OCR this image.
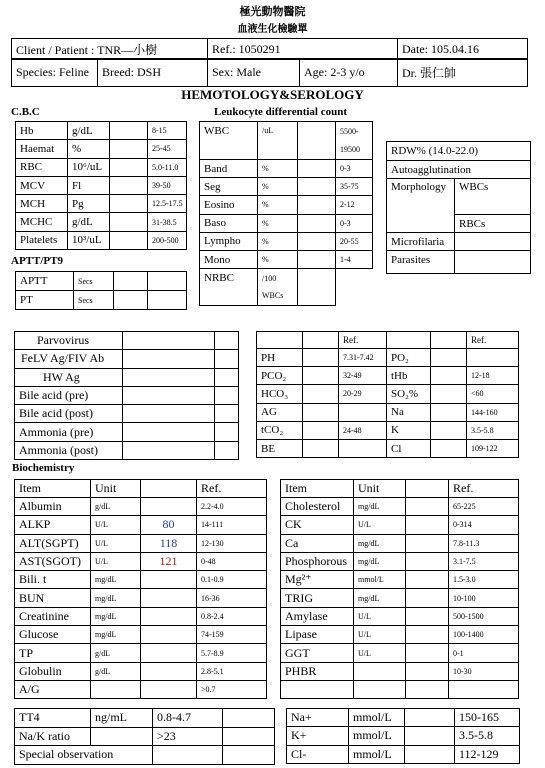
極光動物醫院
血液生化檢驗單
Client / Patient : TNR—小樹	Ref.: 1050291	Date: 105.04.16
Species: Feline	Breed: DSH	Sex: Male	Age: 2-3 y/o	Dr. 張仁帥
HEMOTOLOGY&SEROLOGY
C.B.C	Leukocyte differential count
Hb	g/dL		8-15
Haemat	%		25-45
RBC	10⁶/uL		5.0-11.0
MCV	Fl		39-50
MCH	Pg		12.5-17.5
MCHC	g/dL		31-38.5
Platelets	10³/uL		200-500
APTT/PT9
APTT	Secs		
PT	Secs		
WBC	/uL		5500-
19500
Band	%		0-3
Seg	%		35-75
Eosino	%		2-12
Baso	%		0-3
Lympho	%		20-55
Mono	%		1-4
NRBC	/100
WBCs

RDW% (14.0-22.0)	
Autoagglutination	
Morphology	WBCs
	RBCs
Microfilaria	
Parasites	
Parvovirus		
FeLV Ag/FIV Ab		
HW Ag		
Bile acid (pre)		
Bile acid (post)		
Ammonia (pre)		
Ammonia (post)		
		Ref.			Ref.
PH		7.31-7.42	PO₂		
PCO₂		32-49	tHb		12-18
HCO₃		20-29	SO₂%		<60
AG			Na		144-160
tCO₂		24-48	K		3.5-5.8
BE			Cl		109-122
Biochemistry
Item	Unit		Ref.
Albumin	g/dL		2.2-4.0
ALKP	U/L	80	14-111
ALT(SGPT)	U/L	118	12-130
AST(SGOT)	U/L	121	0-48
Bili. t	mg/dL		0.1-0.9
BUN	mg/dL		16-36
Creatinine	mg/dL		0.8-2.4
Glucose	mg/dL		74-159
TP	g/dL		5.7-8.9
Globulin	g/dL		2.8-5.1
A/G			>0.7
Item	Unit		Ref.
Cholesterol	mg/dL		65-225
CK	U/L		0-314
Ca	mg/dL		7.8-11.3
Phosphorous	mg/dL		3.1-7.5
Mg²⁺	mmol/L		1.5-3.0
TRIG	mg/dL		10-100
Amylase	U/L		500-1500
Lipase	U/L		100-1400
GGT	U/L		0-1
PHBR			10-30

TT4	ng/mL	0.8-4.7	
Na/K ratio		>23	
Special observation			
Na+	mmol/L		150-165
K+	mmol/L		3.5-5.8
Cl-	mmol/L		112-129
